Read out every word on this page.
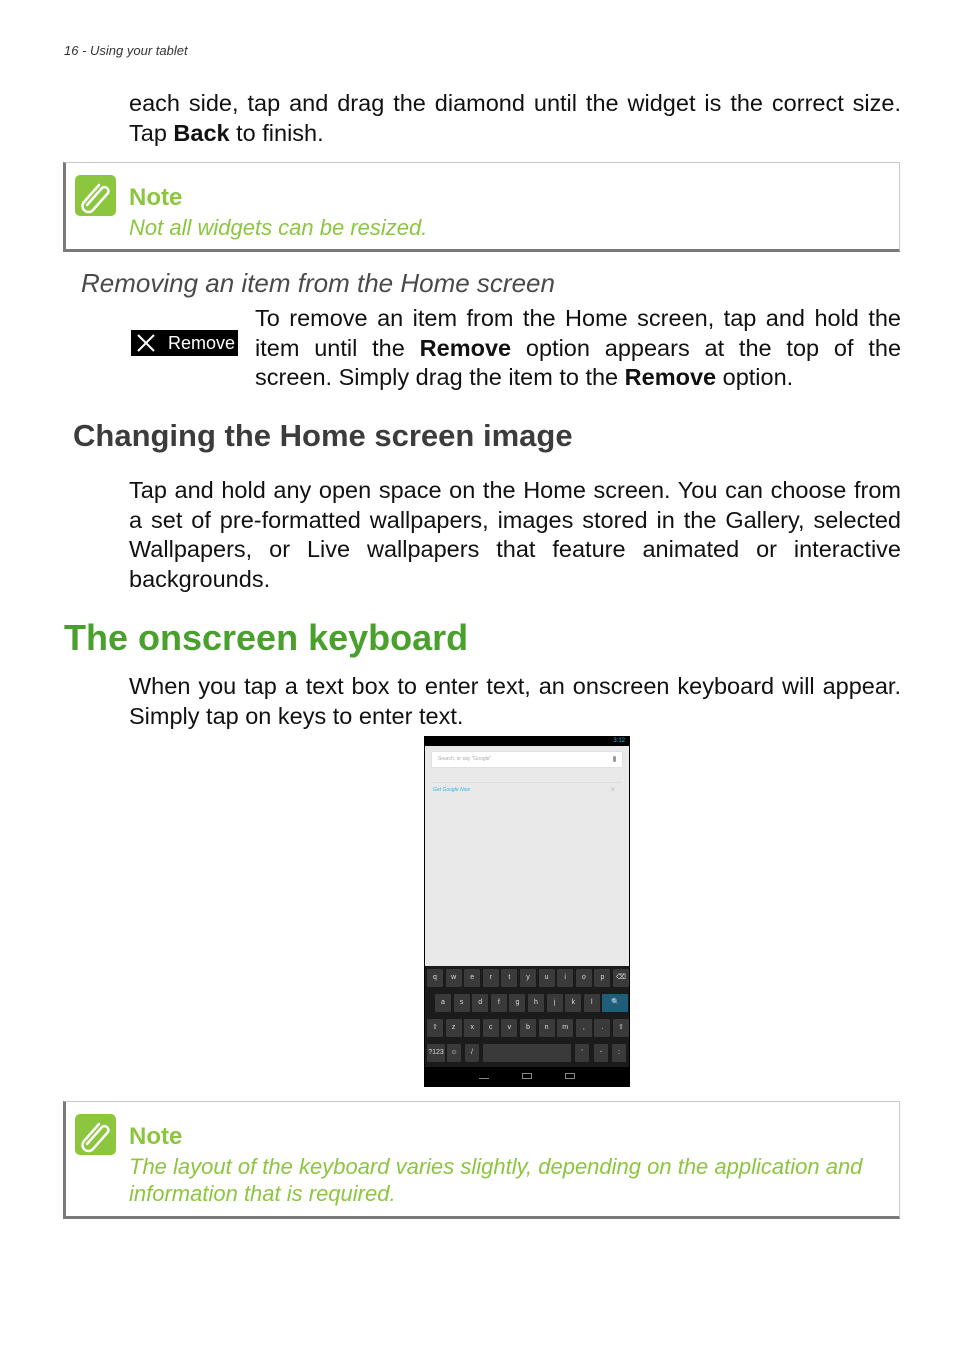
16 - Using your tablet
each side, tap and drag the diamond until the widget is the correct size. Tap Back to finish.
Note
Not all widgets can be resized.
Removing an item from the Home screen
Remove
To remove an item from the Home screen, tap and hold the item until the Remove option appears at the top of the screen. Simply drag the item to the Remove option.
Changing the Home screen image
Tap and hold any open space on the Home screen. You can choose from a set of pre-formatted wallpapers, images stored in the Gallery, selected Wallpapers, or Live wallpapers that feature animated or interactive backgrounds.
The onscreen keyboard
When you tap a text box to enter text, an onscreen keyboard will appear. Simply tap on keys to enter text.
3:12
Search, or say "Google"
Get Google Now	×
q	w	e	r	t	y	u	i	o	p	⌫
a	s	d	f	g	h	j	k	l	🔍
⇧	z	x	c	v	b	n	m	,	.	⇧
?123 ☺	/	'	-	:
Note
The layout of the keyboard varies slightly, depending on the application and information that is required.
